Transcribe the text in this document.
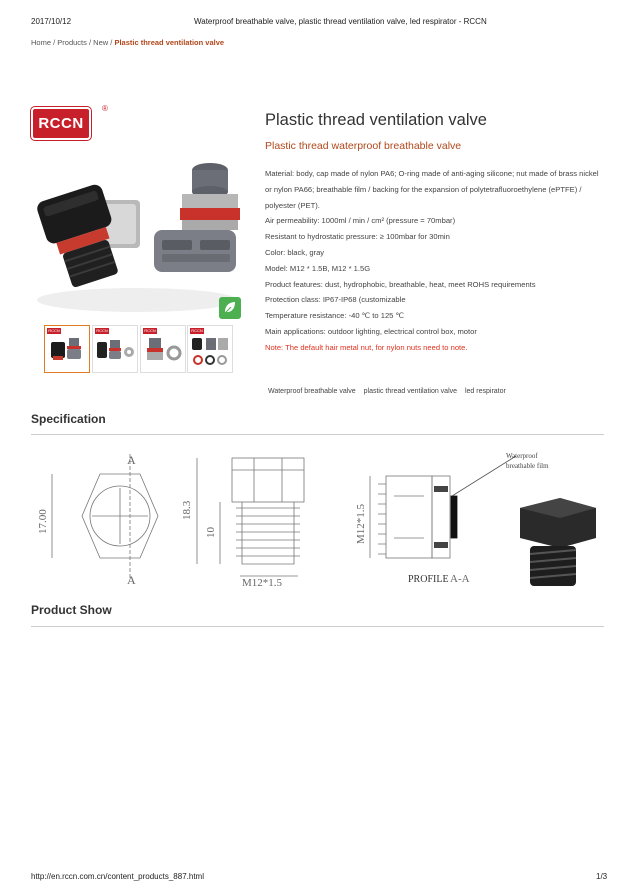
2017/10/12	Waterproof breathable valve, plastic thread ventilation valve, led respirator - RCCN
Home / Products / New / Plastic thread ventilation valve
RCCN
®
RCCN	RCCN	RCCN	RCCN
Plastic thread ventilation valve
Plastic thread waterproof breathable valve
Material: body, cap made of nylon PA6; O-ring made of anti-aging silicone; nut made of brass nickel or nylon PA66; breathable film / backing for the expansion of polytetrafluoroethylene (ePTFE) / polyester (PET).
Air permeability: 1000ml / min / cm² (pressure = 70mbar)
Resistant to hydrostatic pressure: ≥ 100mbar for 30min
Color: black, gray
Model: M12 * 1.5B, M12 * 1.5G
Product features: dust, hydrophobic, breathable, heat, meet ROHS requirements
Protection class: IP67-IP68 (customizable
Temperature resistance: -40 ℃ to 125 ℃
Main applications: outdoor lighting, electrical control box, motor
Note: The default hair metal nut, for nylon nuts need to note.
Waterproof breathable valve plastic thread ventilation valve led respirator
Specification
A
A
17.00	18.3
10
M12*1.5
Waterproof
breathable film
M12*1.5
PROFILE A-A
Product Show
http://en.rccn.com.cn/content_products_887.html	1/3
